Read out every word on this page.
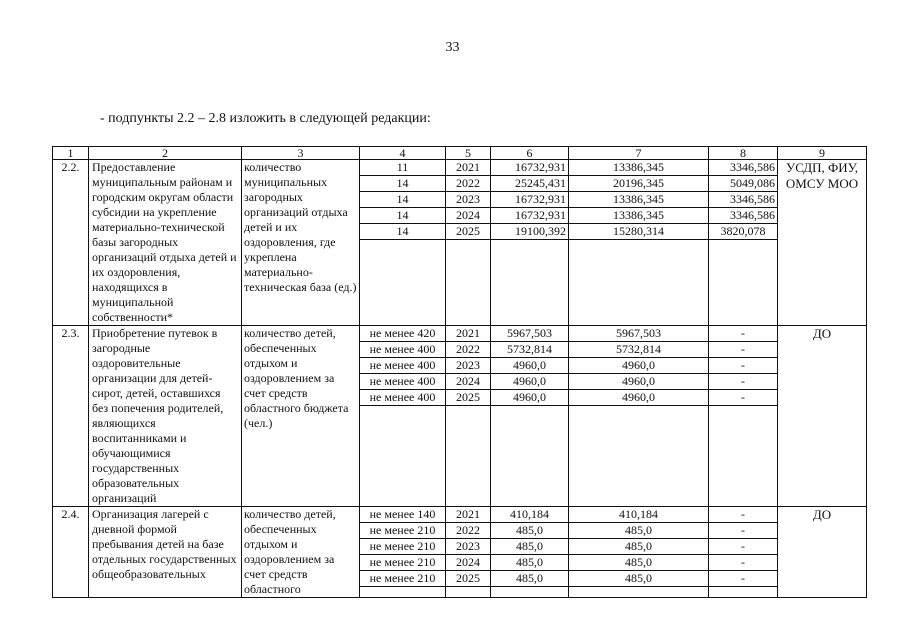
33
- подпункты 2.2 – 2.8 изложить в следующей редакции:
1	2	3	4	5	6	7	8	9
2.2.	Предоставление муниципальным районам и городским округам области субсидии на укрепление материально-технической базы загородных организаций отдыха детей и их оздоровления, находящихся в муниципальной собственности*	количество муниципальных загородных организаций отдыха детей и их оздоровления, где укреплена материально-техническая база (ед.)	11	2021	16732,931	13386,345	3346,586	УСДП, ФИУ, ОМСУ МОО
			14	2022	25245,431	20196,345	5049,086	
			14	2023	16732,931	13386,345	3346,586	
			14	2024	16732,931	13386,345	3346,586	
			14	2025	19100,392	15280,314	3820,078	

2.3.	Приобретение путевок в загородные оздоровительные организации для детей-сирот, детей, оставшихся без попечения родителей, являющихся воспитанниками и обучающимися государственных образовательных организаций	количество детей, обеспеченных отдыхом и оздоровлением за счет средств областного бюджета (чел.)	не менее 420	2021	5967,503	5967,503	-	ДО
			не менее 400	2022	5732,814	5732,814	-	
			не менее 400	2023	4960,0	4960,0	-	
			не менее 400	2024	4960,0	4960,0	-	
			не менее 400	2025	4960,0	4960,0	-	

2.4.	Организация лагерей с дневной формой пребывания детей на базе отдельных государственных общеобразовательных	количество детей, обеспеченных отдыхом и оздоровлением за счет средств областного	не менее 140	2021	410,184	410,184	-	ДО
			не менее 210	2022	485,0	485,0	-	
			не менее 210	2023	485,0	485,0	-	
			не менее 210	2024	485,0	485,0	-	
			не менее 210	2025	485,0	485,0	-	
